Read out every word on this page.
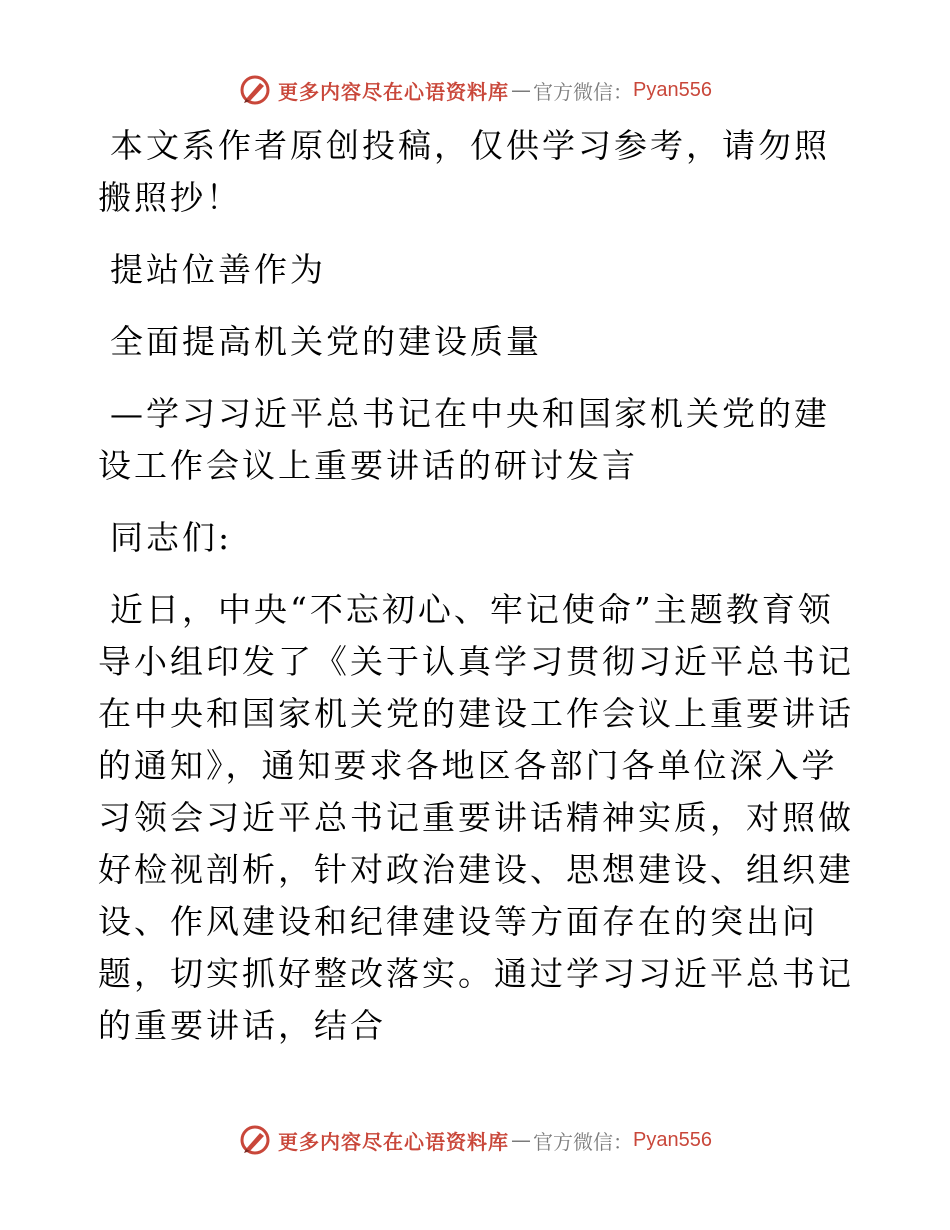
更多内容尽在心语资料库 — 官方微信： Pyan556

本文系作者原创投稿，仅供学习参考，请勿照搬照抄！

提站位善作为

全面提高机关党的建设质量

—学习习近平总书记在中央和国家机关党的建设工作会议上重要讲话的研讨发言

同志们:

近日，中央“不忘初心、牢记使命”主题教育领导小组印发了《关于认真学习贯彻习近平总书记在中央和国家机关党的建设工作会议上重要讲话的通知》，通知要求各地区各部门各单位深入学习领会习近平总书记重要讲话精神实质，对照做好检视剖析，针对政治建设、思想建设、组织建设、作风建设和纪律建设等方面存在的突出问题，切实抓好整改落实。通过学习习近平总书记的重要讲话，结合

更多内容尽在心语资料库 — 官方微信： Pyan556
